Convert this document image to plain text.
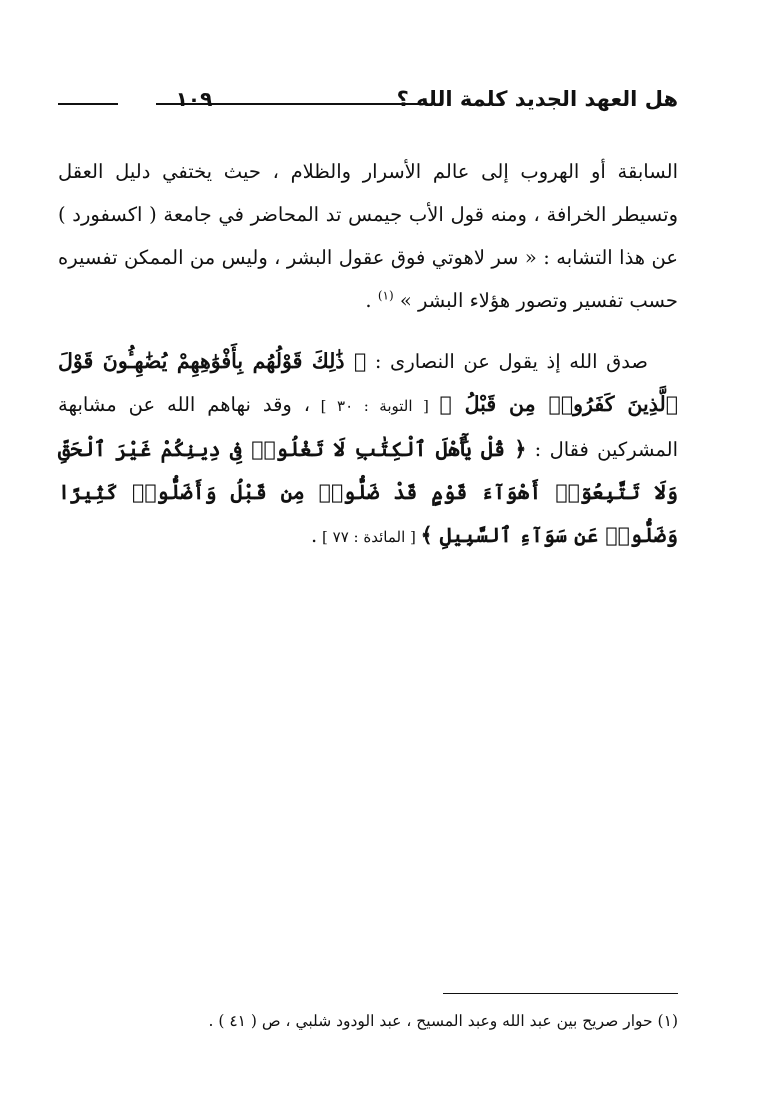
هل العهد الجديد كلمة الله ؟
١٠٩

السابقة أو الهروب إلى عالم الأسرار والظلام ، حيث يختفي دليل العقل وتسيطر الخرافة ، ومنه قول الأب جيمس تد المحاضر في جامعة ( اكسفورد ) عن هذا التشابه : « سر لاهوتي فوق عقول البشر ، وليس من الممكن تفسيره حسب تفسير وتصور هؤلاء البشر » $^{(١)}$ .

صدق الله إذ يقول عن النصارى : ﴿ ذَٰلِكَ قَوْلُهُم بِأَفْوَٰهِهِمْ يُضَٰهِـُٔونَ قَوْلَ ٱلَّذِينَ كَفَرُوا۟ مِن قَبْلُ ﴾ [ التوبة : ٣٠ ] ، وقد نهاهم الله عن مشابهة المشركين فقال : ﴿ قُلْ يَٰٓأَهْلَ ٱلْكِتَٰبِ لَا تَغْلُوا۟ فِى دِينِكُمْ غَيْرَ ٱلْحَقِّ وَلَا تَتَّبِعُوٓا۟ أَهْوَآءَ قَوْمٍ قَدْ ضَلُّوا۟ مِن قَبْلُ وَأَضَلُّوا۟ كَثِيرًا وَضَلُّوا۟ عَن سَوَآءِ ٱلسَّبِيلِ ﴾ [ المائدة : ٧٧ ] .

(١) حوار صريح بين عبد الله وعبد المسيح ، عبد الودود شلبي ، ص ( ٤١ ) .
